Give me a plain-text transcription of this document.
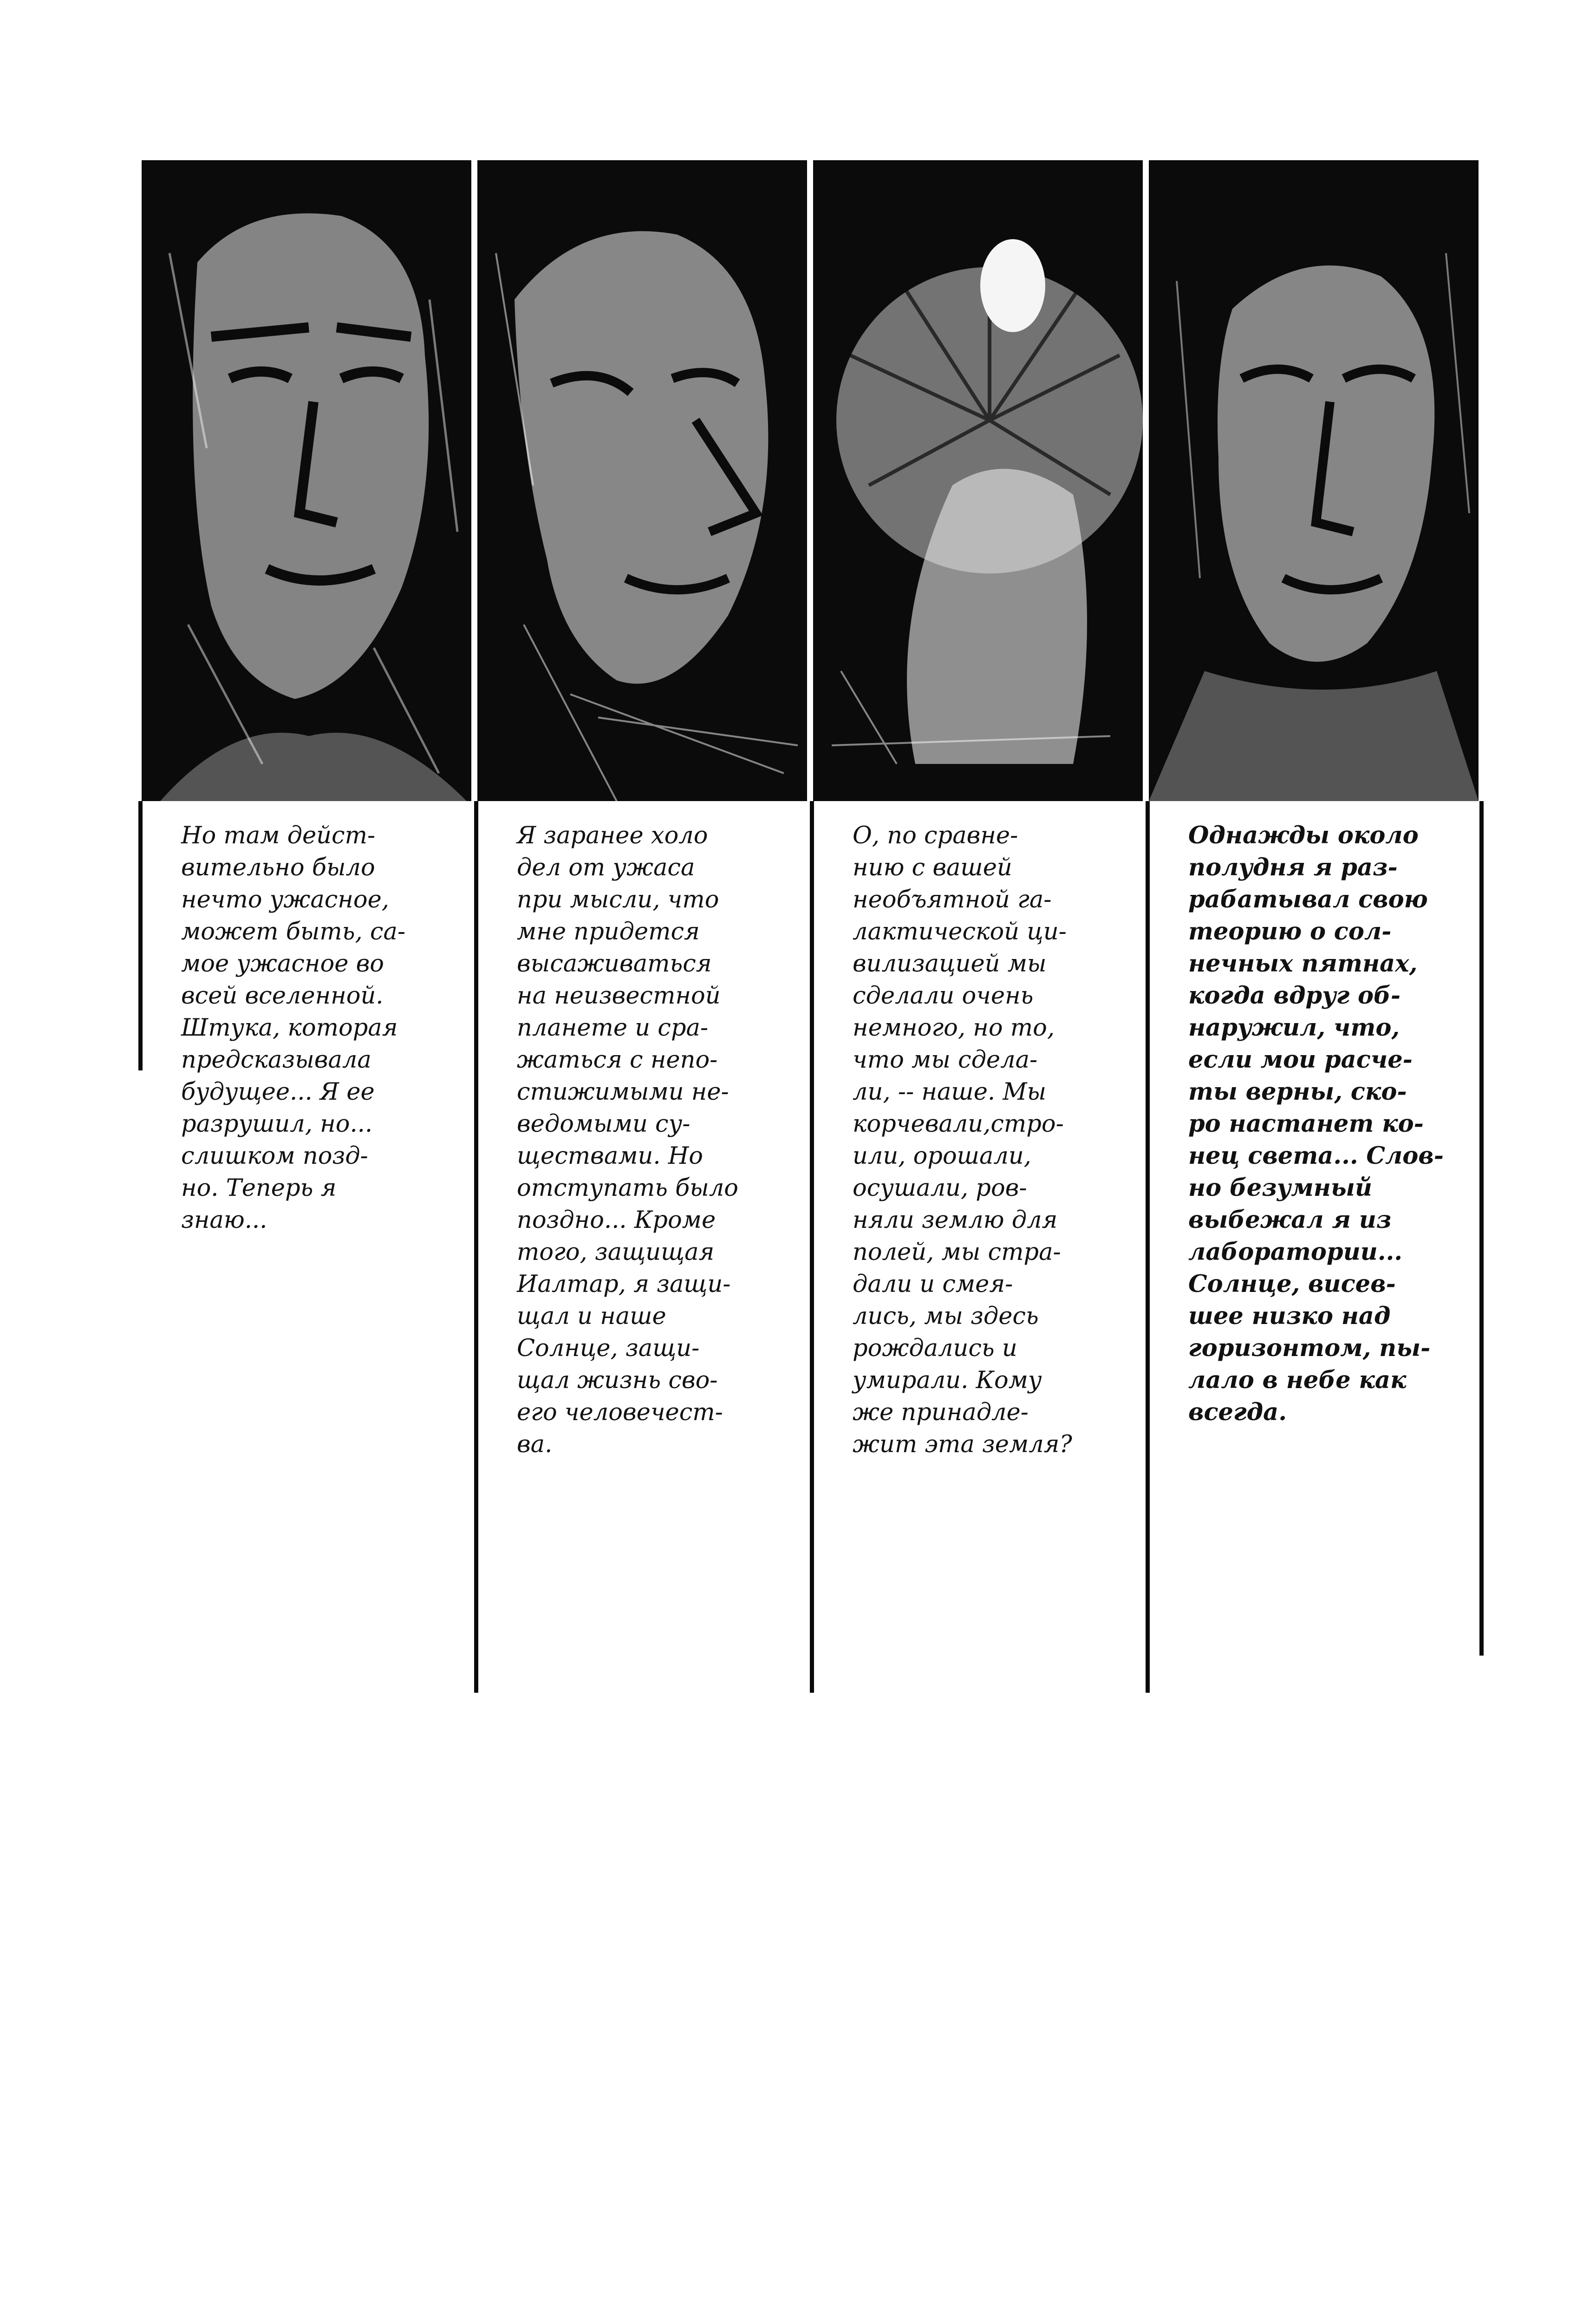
Но там дейст-
вительно было
нечто ужасное,
может быть, са-
мое ужасное во
всей вселенной.
Штука, которая
предсказывала
будущее... Я ее
разрушил, но...
слишком позд-
но. Теперь я
знаю...
Я заранее холо
дел от ужаса
при мысли, что
мне придется
высаживаться
на неизвестной
планете и сра-
жаться с непо-
стижимыми не-
ведомыми су-
ществами. Но
отступать было
поздно... Кроме
того, защищая
Иалтар, я защи-
щал и наше
Солнце, защи-
щал жизнь сво-
его человечест-
ва.
О, по сравне-
нию с вашей
необъятной га-
лактической ци-
вилизацией мы
сделали очень
немного, но то,
что мы сдела-
ли, -- наше. Мы
корчевали,стро-
или, орошали,
осушали, ров-
няли землю для
полей, мы стра-
дали и смея-
лись, мы здесь
рождались и
умирали. Кому
же принадле-
жит эта земля?
Однажды около
полудня я раз-
рабатывал свою
теорию о сол-
нечных пятнах,
когда вдруг об-
наружил, что,
если мои расче-
ты верны, ско-
ро настанет ко-
нец света... Слов-
но безумный
выбежал я из
лаборатории...
Солнце, висев-
шее низко над
горизонтом, пы-
лало в небе как
всегда.
